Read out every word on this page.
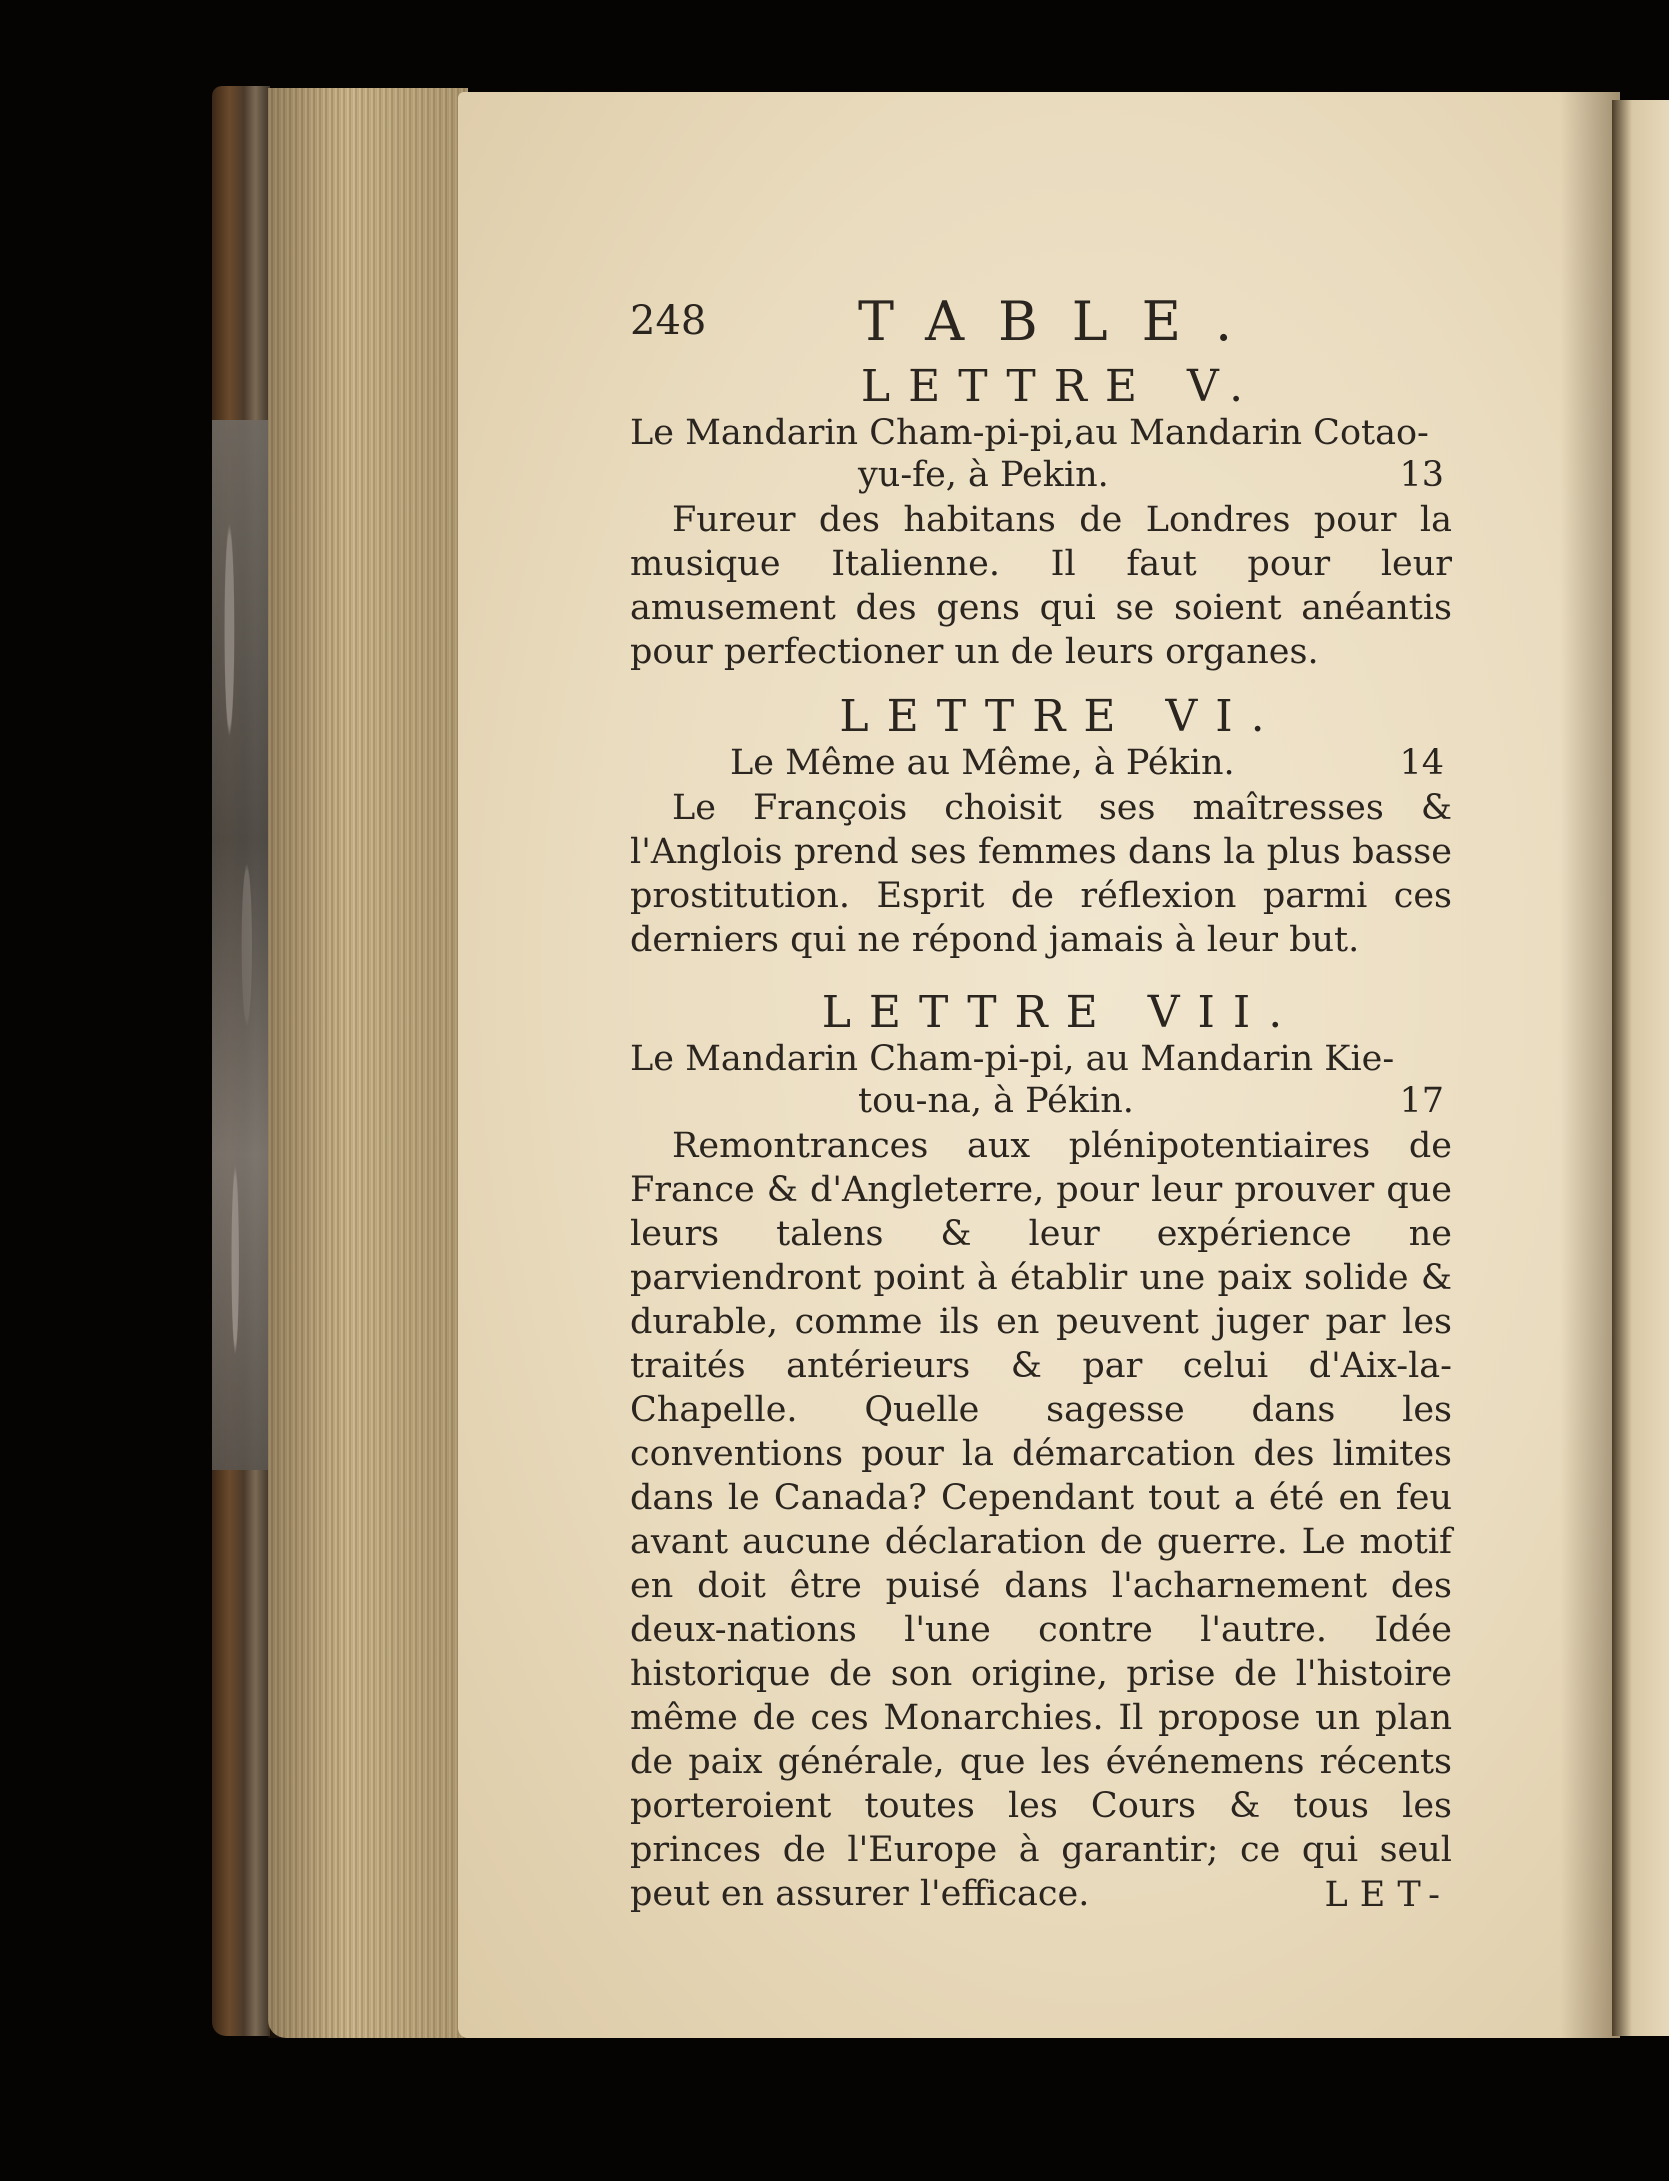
248	TABLE.

LETTRE V.

Le Mandarin Cham-pi-pi,au Mandarin Cotao-

yu-fe, à Pekin.	13

Fureur des habitans de Londres pour la musique Italienne. Il faut pour leur amusement des gens qui se soient anéantis pour perfectioner un de leurs organes.

LETTRE VI.

Le Même au Même, à Pékin.	14

Le François choisit ses maîtresses & l'Anglois prend ses femmes dans la plus basse prostitution. Esprit de réflexion parmi ces derniers qui ne répond jamais à leur but.

LETTRE VII.

Le Mandarin Cham-pi-pi, au Mandarin Kie-

tou-na, à Pékin.	17

Remontrances aux plénipotentiaires de France & d'Angleterre, pour leur prouver que leurs talens & leur expérience ne parviendront point à établir une paix solide & durable, comme ils en peuvent juger par les traités antérieurs & par celui d'Aix-la-Chapelle. Quelle sagesse dans les conventions pour la démarcation des limites dans le Canada? Cependant tout a été en feu avant aucune déclaration de guerre. Le motif en doit être puisé dans l'acharnement des deux-nations l'une contre l'autre. Idée historique de son origine, prise de l'histoire même de ces Monarchies. Il propose un plan de paix générale, que les événemens récents porteroient toutes les Cours & tous les princes de l'Europe à garantir; ce qui seul peut en assurer l'efficace.	LET-
